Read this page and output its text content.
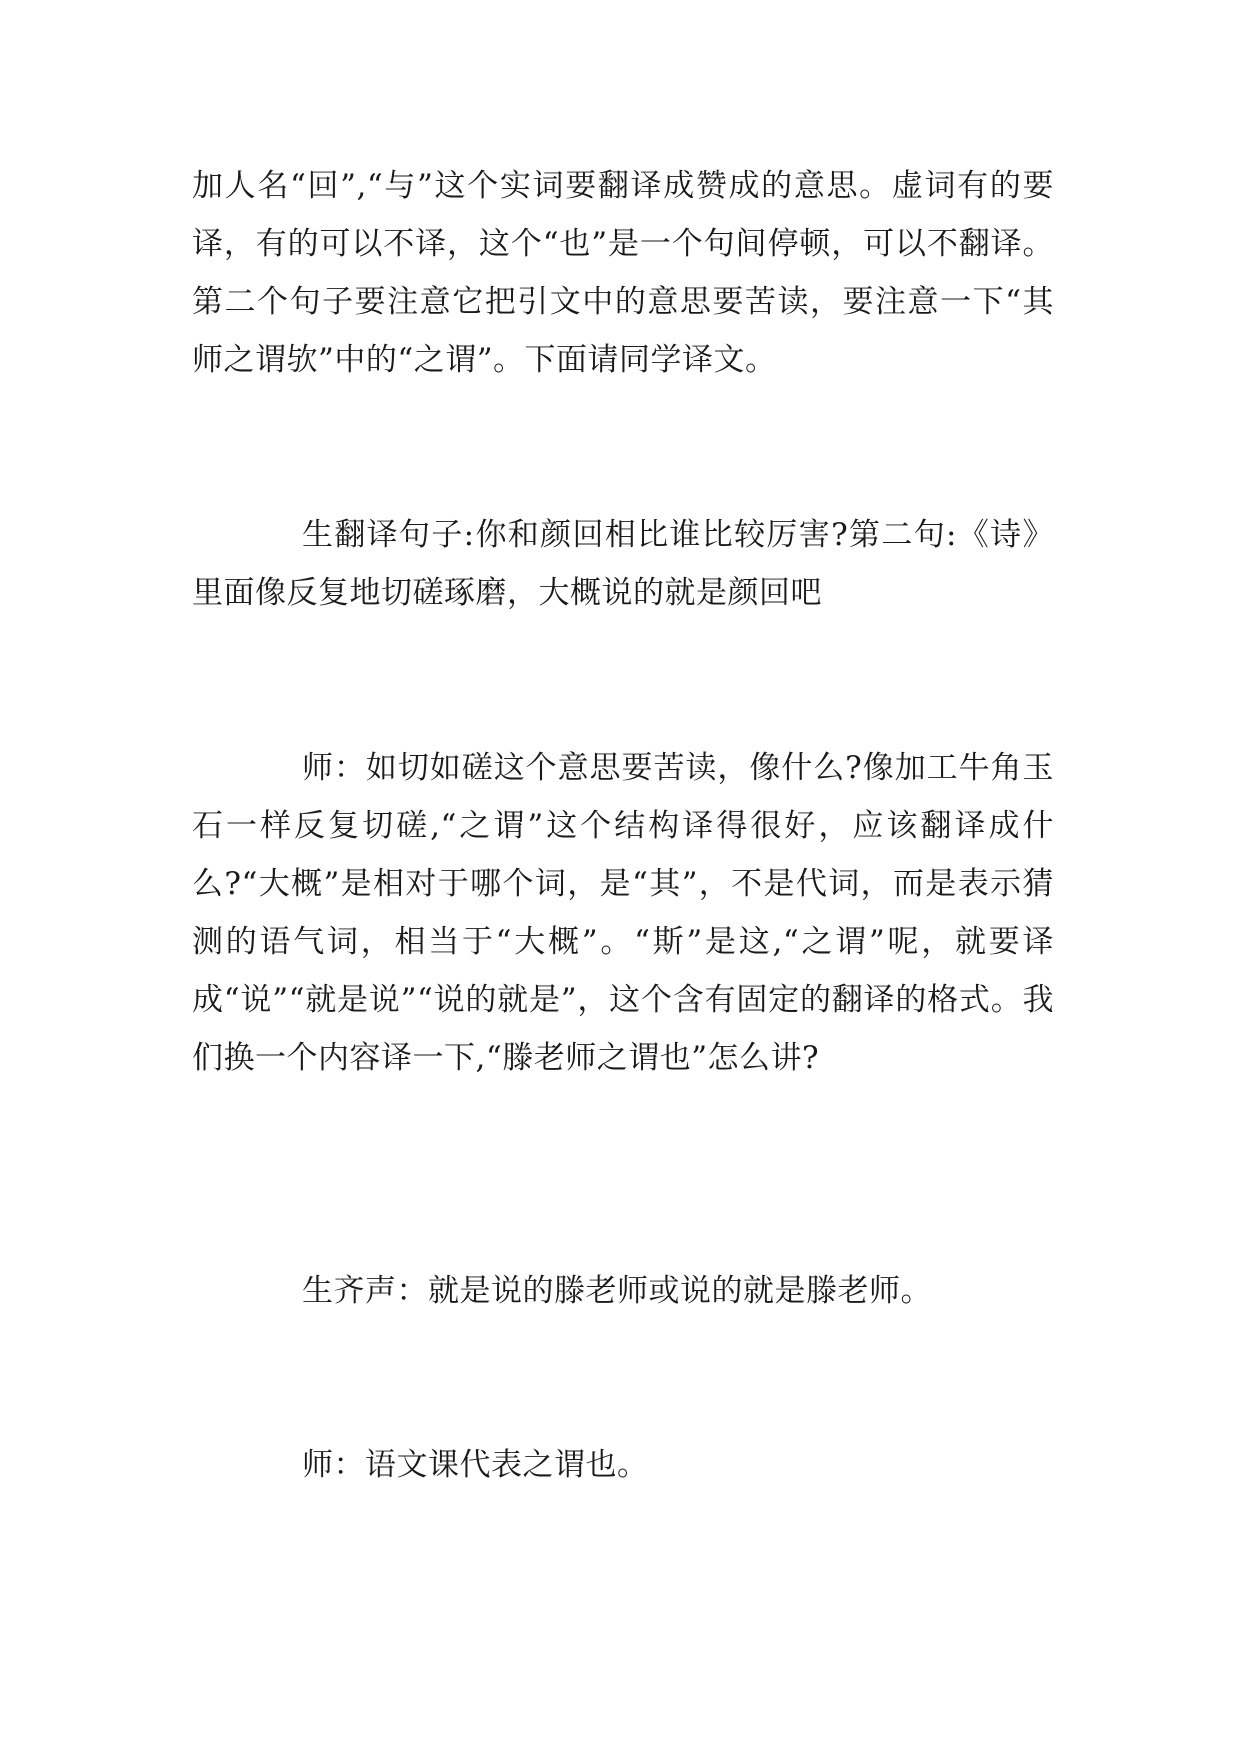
加人名“回”,“与”这个实词要翻译成赞成的意思。虚词有的要译，有的可以不译，这个“也”是一个句间停顿，可以不翻译。第二个句子要注意它把引文中的意思要苦读，要注意一下“其师之谓欤”中的“之谓”。下面请同学译文。

生翻译句子:你和颜回相比谁比较厉害?第二句:《诗》里面像反复地切磋琢磨，大概说的就是颜回吧

师：如切如磋这个意思要苦读，像什么?像加工牛角玉石一样反复切磋,“之谓”这个结构译得很好，应该翻译成什么?“大概”是相对于哪个词，是“其”，不是代词，而是表示猜测的语气词，相当于“大概”。“斯”是这,“之谓”呢，就要译成“说”“就是说”“说的就是”，这个含有固定的翻译的格式。我们换一个内容译一下,“滕老师之谓也”怎么讲?

生齐声：就是说的滕老师或说的就是滕老师。

师：语文课代表之谓也。
